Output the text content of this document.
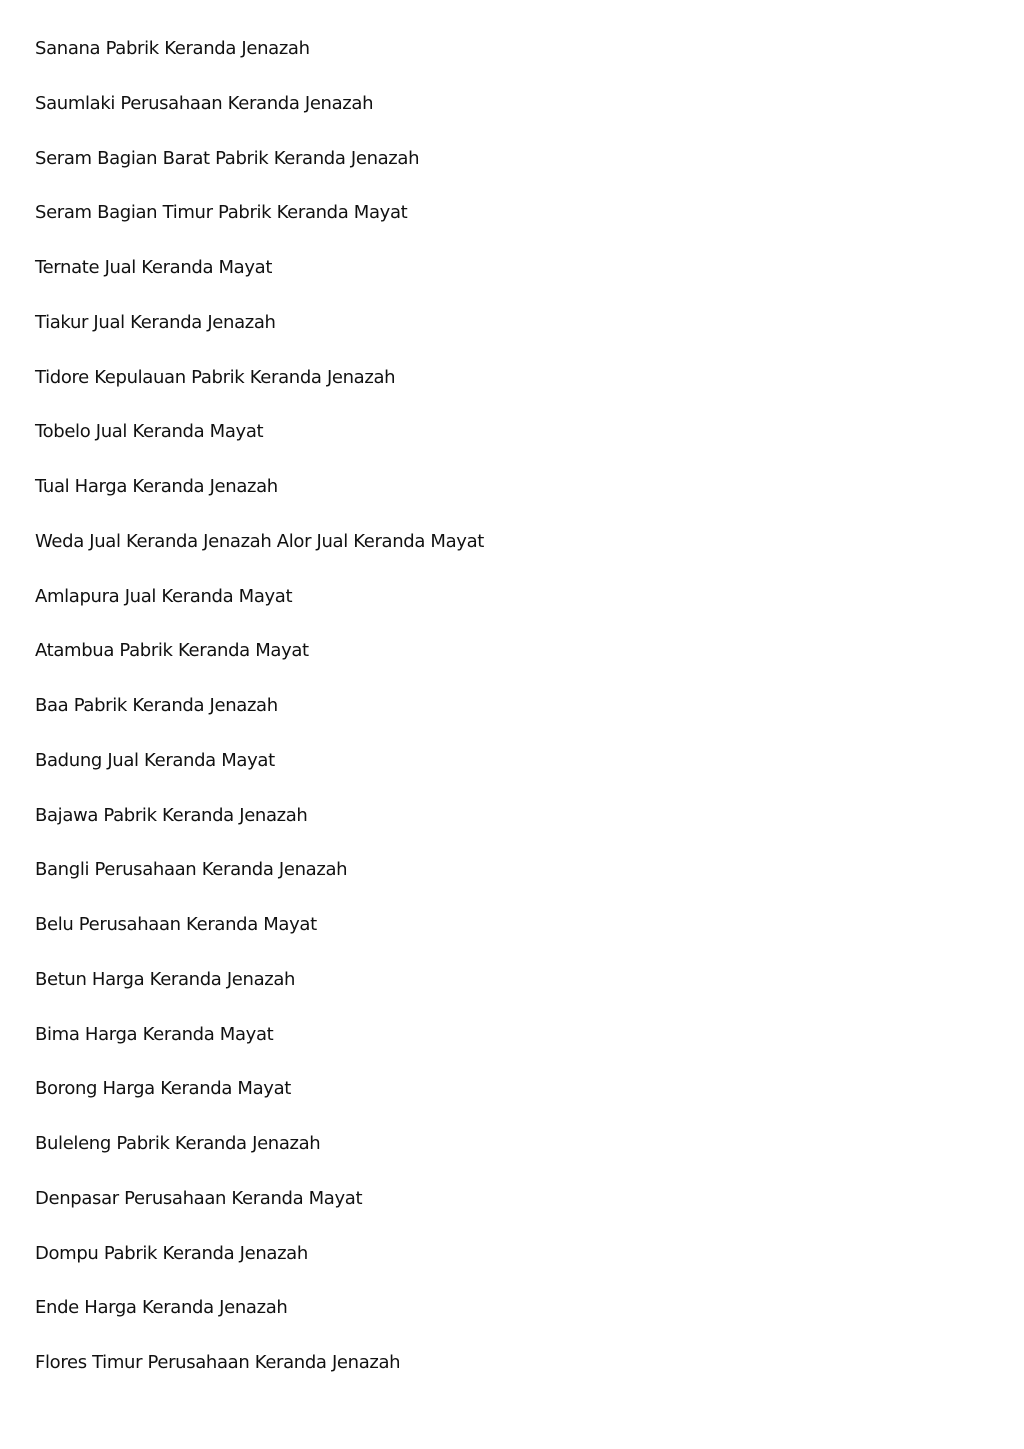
Sanana Pabrik Keranda Jenazah
Saumlaki Perusahaan Keranda Jenazah
Seram Bagian Barat Pabrik Keranda Jenazah
Seram Bagian Timur Pabrik Keranda Mayat
Ternate Jual Keranda Mayat
Tiakur Jual Keranda Jenazah
Tidore Kepulauan Pabrik Keranda Jenazah
Tobelo Jual Keranda Mayat
Tual Harga Keranda Jenazah
Weda Jual Keranda Jenazah Alor Jual Keranda Mayat
Amlapura Jual Keranda Mayat
Atambua Pabrik Keranda Mayat
Baa Pabrik Keranda Jenazah
Badung Jual Keranda Mayat
Bajawa Pabrik Keranda Jenazah
Bangli Perusahaan Keranda Jenazah
Belu Perusahaan Keranda Mayat
Betun Harga Keranda Jenazah
Bima Harga Keranda Mayat
Borong Harga Keranda Mayat
Buleleng Pabrik Keranda Jenazah
Denpasar Perusahaan Keranda Mayat
Dompu Pabrik Keranda Jenazah
Ende Harga Keranda Jenazah
Flores Timur Perusahaan Keranda Jenazah
